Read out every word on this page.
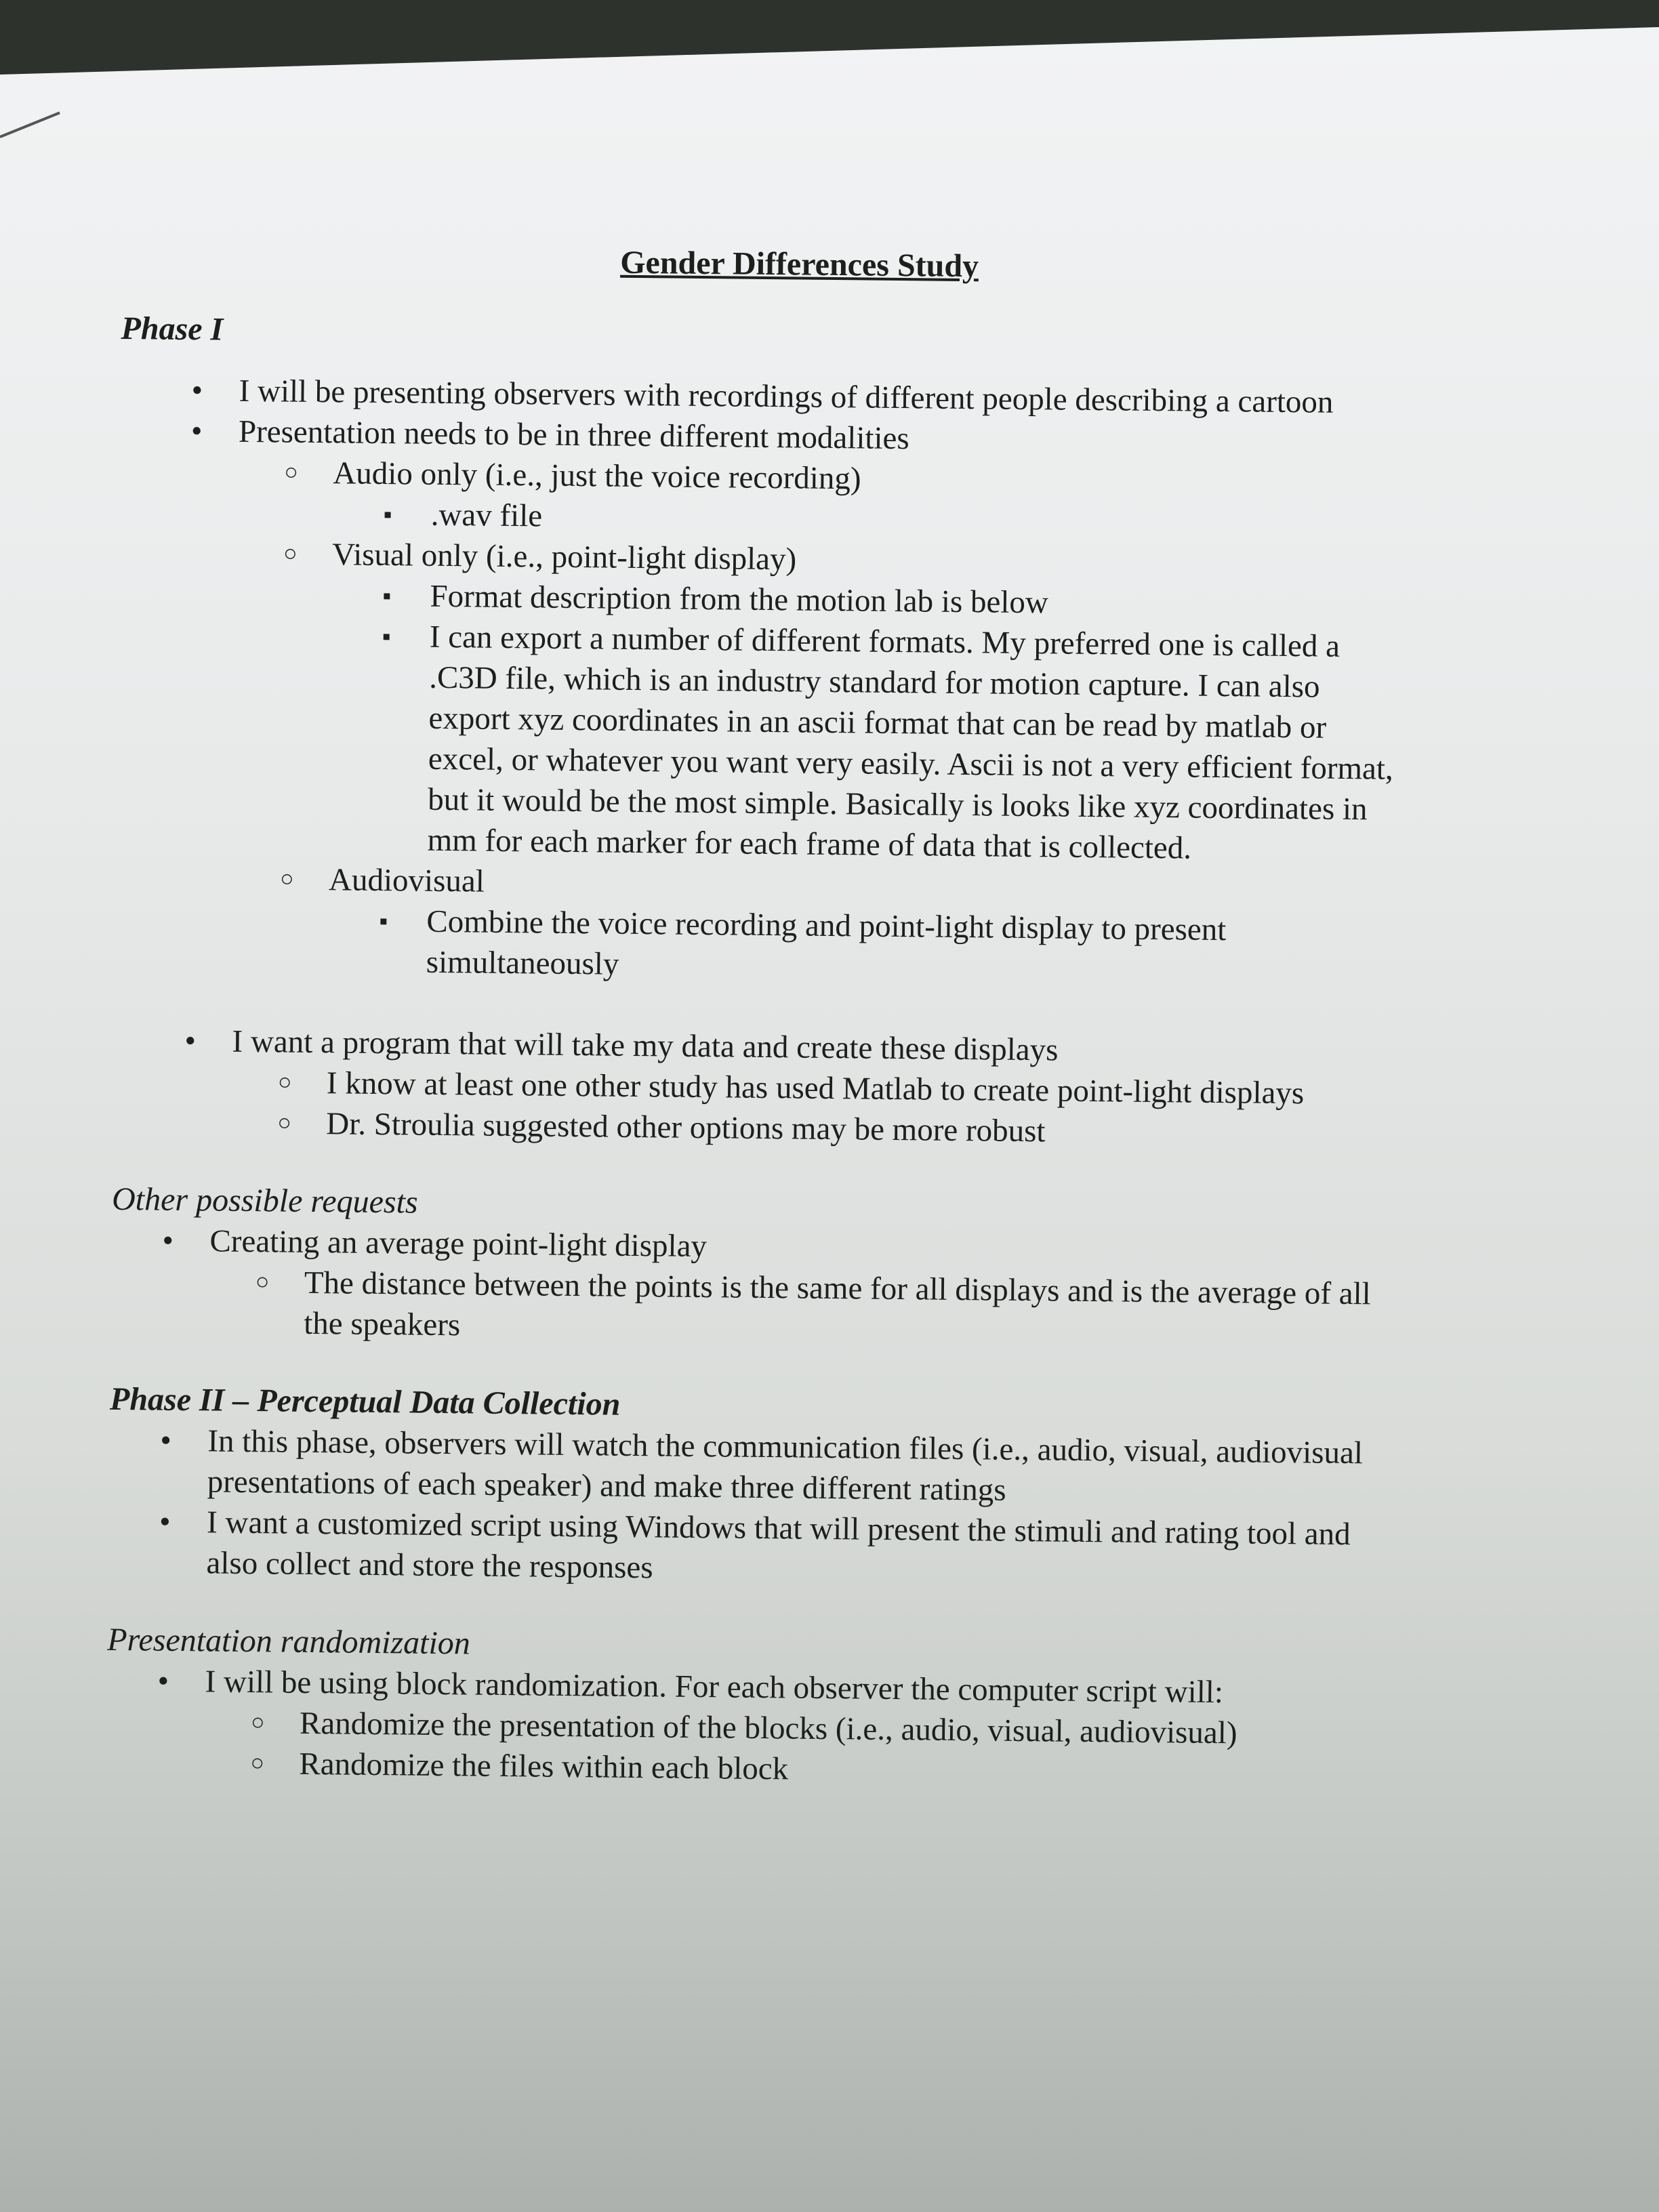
Gender Differences Study
Phase I
• I will be presenting observers with recordings of different people describing a cartoon
• Presentation needs to be in three different modalities
○ Audio only (i.e., just the voice recording)
▪ .wav file
○ Visual only (i.e., point-light display)
▪ Format description from the motion lab is below
▪ I can export a number of different formats. My preferred one is called a .C3D file, which is an industry standard for motion capture. I can also export xyz coordinates in an ascii format that can be read by matlab or excel, or whatever you want very easily. Ascii is not a very efficient format, but it would be the most simple. Basically is looks like xyz coordinates in mm for each marker for each frame of data that is collected.
○ Audiovisual
▪ Combine the voice recording and point-light display to present simultaneously
• I want a program that will take my data and create these displays
○ I know at least one other study has used Matlab to create point-light displays
○ Dr. Stroulia suggested other options may be more robust
Other possible requests
• Creating an average point-light display
○ The distance between the points is the same for all displays and is the average of all the speakers
Phase II – Perceptual Data Collection
• In this phase, observers will watch the communication files (i.e., audio, visual, audiovisual presentations of each speaker) and make three different ratings
• I want a customized script using Windows that will present the stimuli and rating tool and also collect and store the responses
Presentation randomization
• I will be using block randomization. For each observer the computer script will:
○ Randomize the presentation of the blocks (i.e., audio, visual, audiovisual)
○ Randomize the files within each block
